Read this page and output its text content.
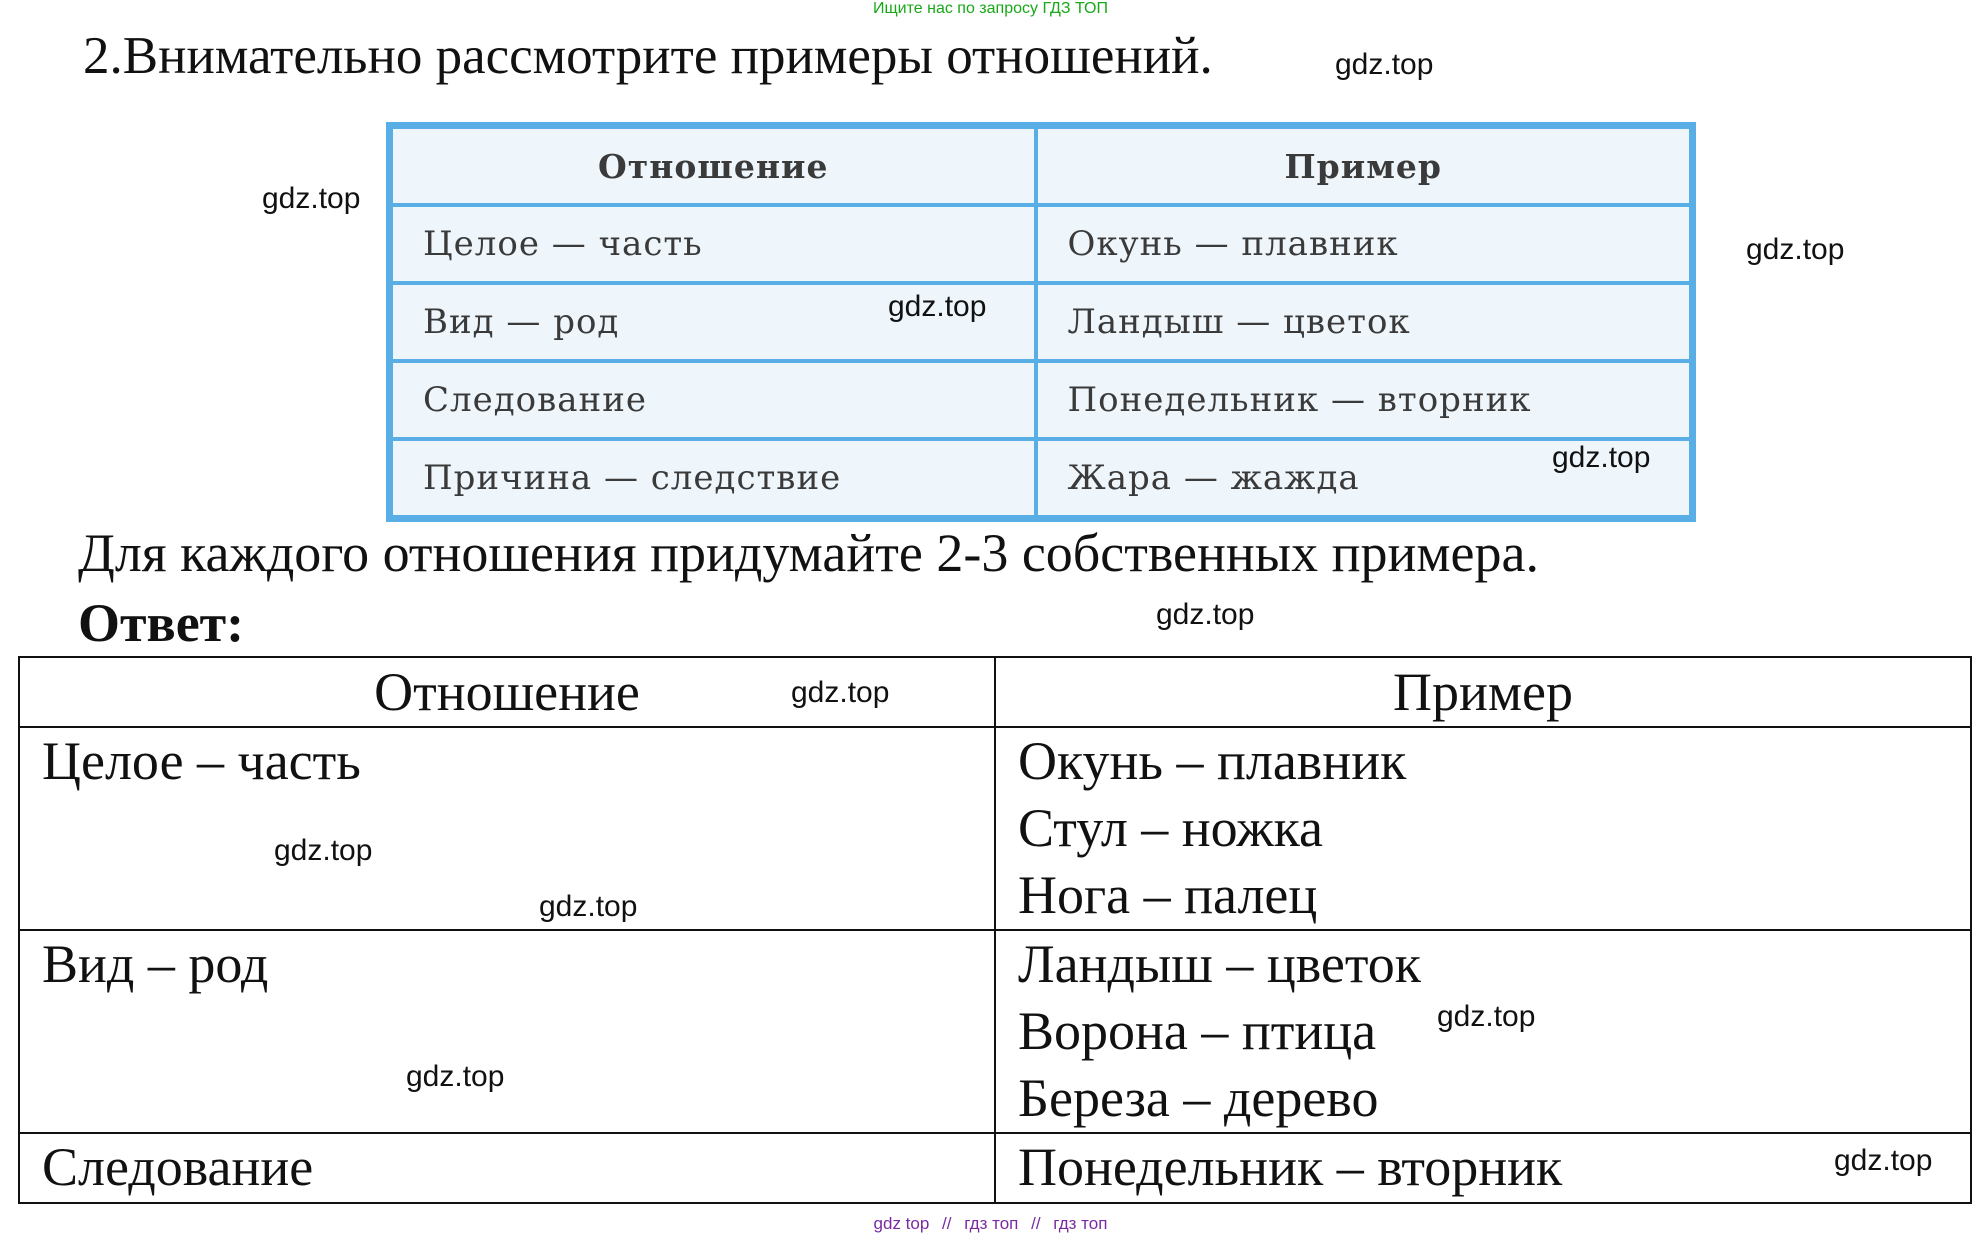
Ищите нас по запросу ГДЗ ТОП
2.Внимательно рассмотрите примеры отношений.
Отношение	Пример
Целое — часть	Окунь — плавник
Вид — род	Ландыш — цветок
Следование	Понедельник — вторник
Причина — следствие	Жара — жажда
Для каждого отношения придумайте 2-3 собственных примера.
Ответ:
Отношение	Пример
Целое – часть	Окунь – плавник
Стул – ножка
Нога – палец

Вид – род	Ландыш – цветок
Ворона – птица
Береза – дерево

Следование	Понедельник – вторник
gdz.top
gdz.top
gdz.top
gdz.top
gdz.top
gdz.top
gdz.top
gdz.top
gdz.top
gdz.top
gdz.top
gdz.top
gdz top // гдз топ // гдз топ
